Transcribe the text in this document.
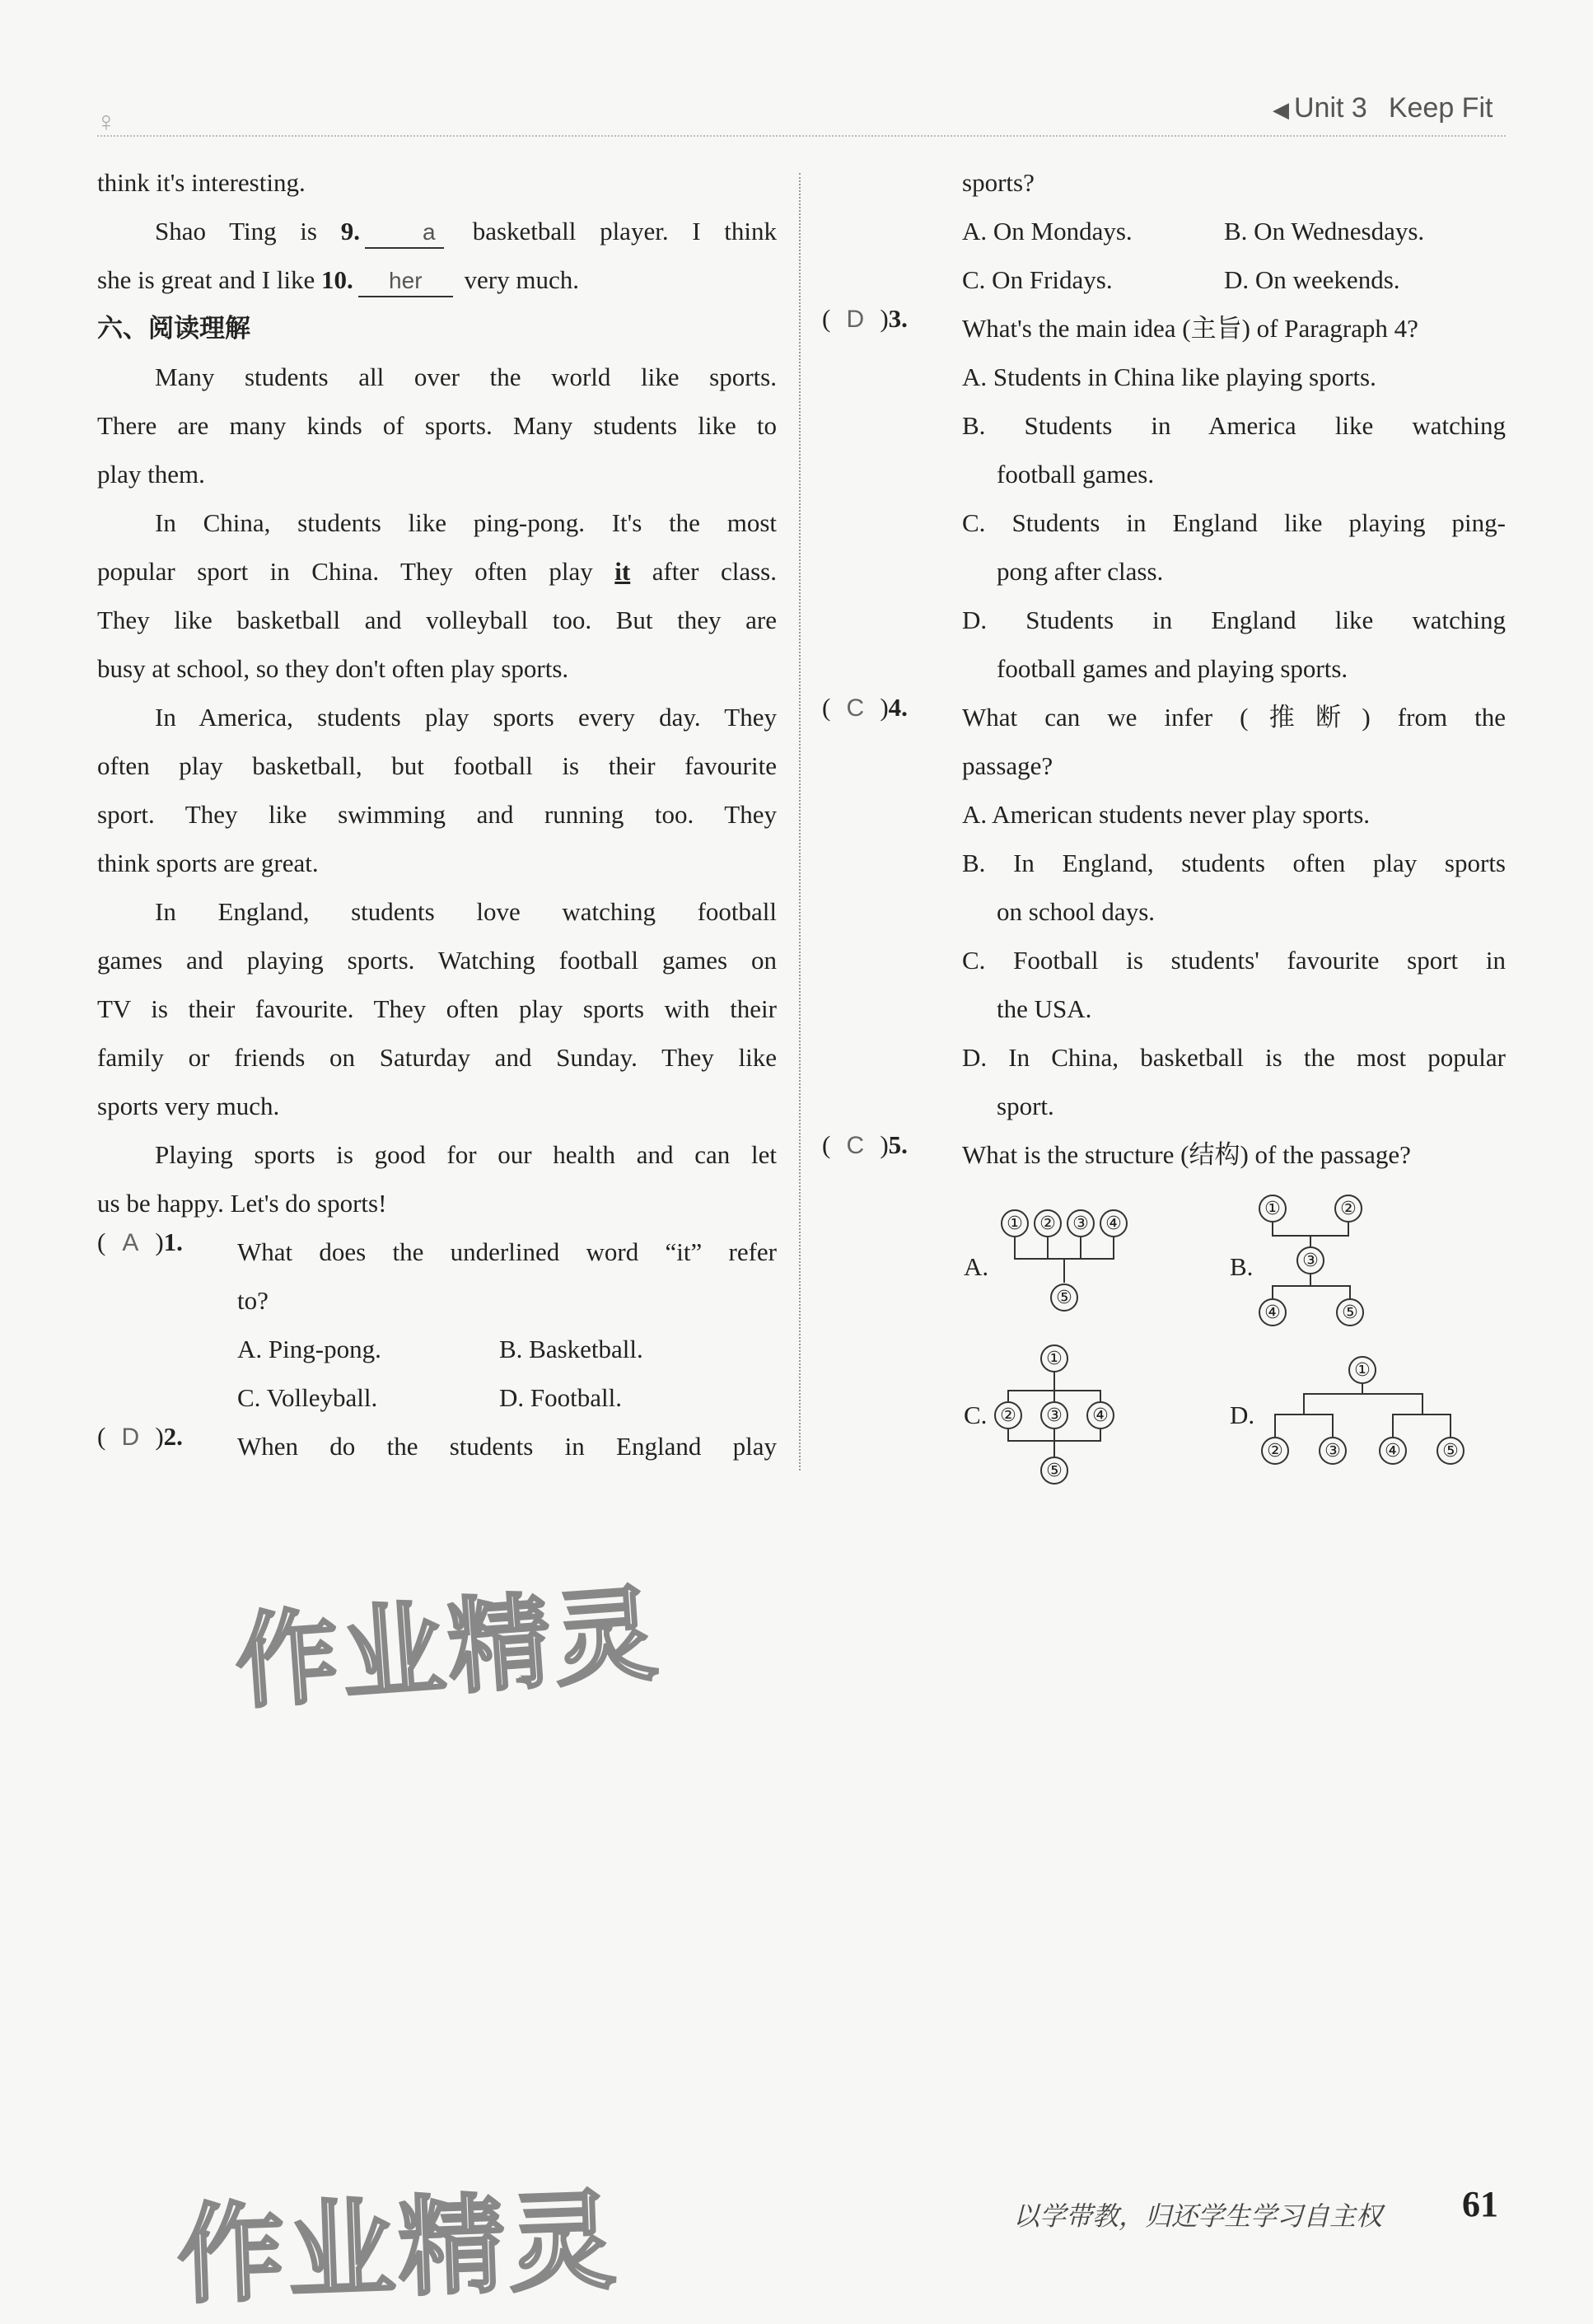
♀	◀ Unit 3 Keep Fit

think it's interesting.

Shao Ting is 9.	a basketball player. I think

she is great and I like 10. her very much.

六、阅读理解

Many students all over the world like sports.

There are many kinds of sports. Many students like to

play them.

In China, students like ping-pong. It's the most

popular sport in China. They often play it after class.

They like basketball and volleyball too. But they are

busy at school, so they don't often play sports.

In America, students play sports every day. They

often play basketball, but football is their favourite

sport. They like swimming and running too. They

think sports are great.

In England, students love watching football

games and playing sports. Watching football games on

TV is their favourite. They often play sports with their

family or friends on Saturday and Sunday. They like

sports very much.

Playing sports is good for our health and can let

us be happy. Let's do sports!

( A )1.	What does the underlined word “it” refer

to?

A. Ping-pong.	B. Basketball.

C. Volleyball.	D. Football.

( D )2.	When do the students in England play

sports?

A. On Mondays.	B. On Wednesdays.

C. On Fridays.	D. On weekends.

( D )3.	What's the main idea (主旨) of Paragraph 4?

A. Students in China like playing sports.

B. Students in America like watching

football games.

C. Students in England like playing ping-

pong after class.

D. Students in England like watching

football games and playing sports.

( C )4.	What can we infer (推断) from the

passage?

A. American students never play sports.

B. In England, students often play sports

on school days.

C. Football is students' favourite sport in

the USA.

D. In China, basketball is the most popular

sport.

( C )5.	What is the structure (结构) of the passage?

A.
① ② ③ ④
⑤
B.
①	②
③
④	⑤
C.
①
②	③	④
⑤
D.
①
②	③	④	⑤
作业精灵
作业精灵	以学带教，归还学生学习自主权 61
